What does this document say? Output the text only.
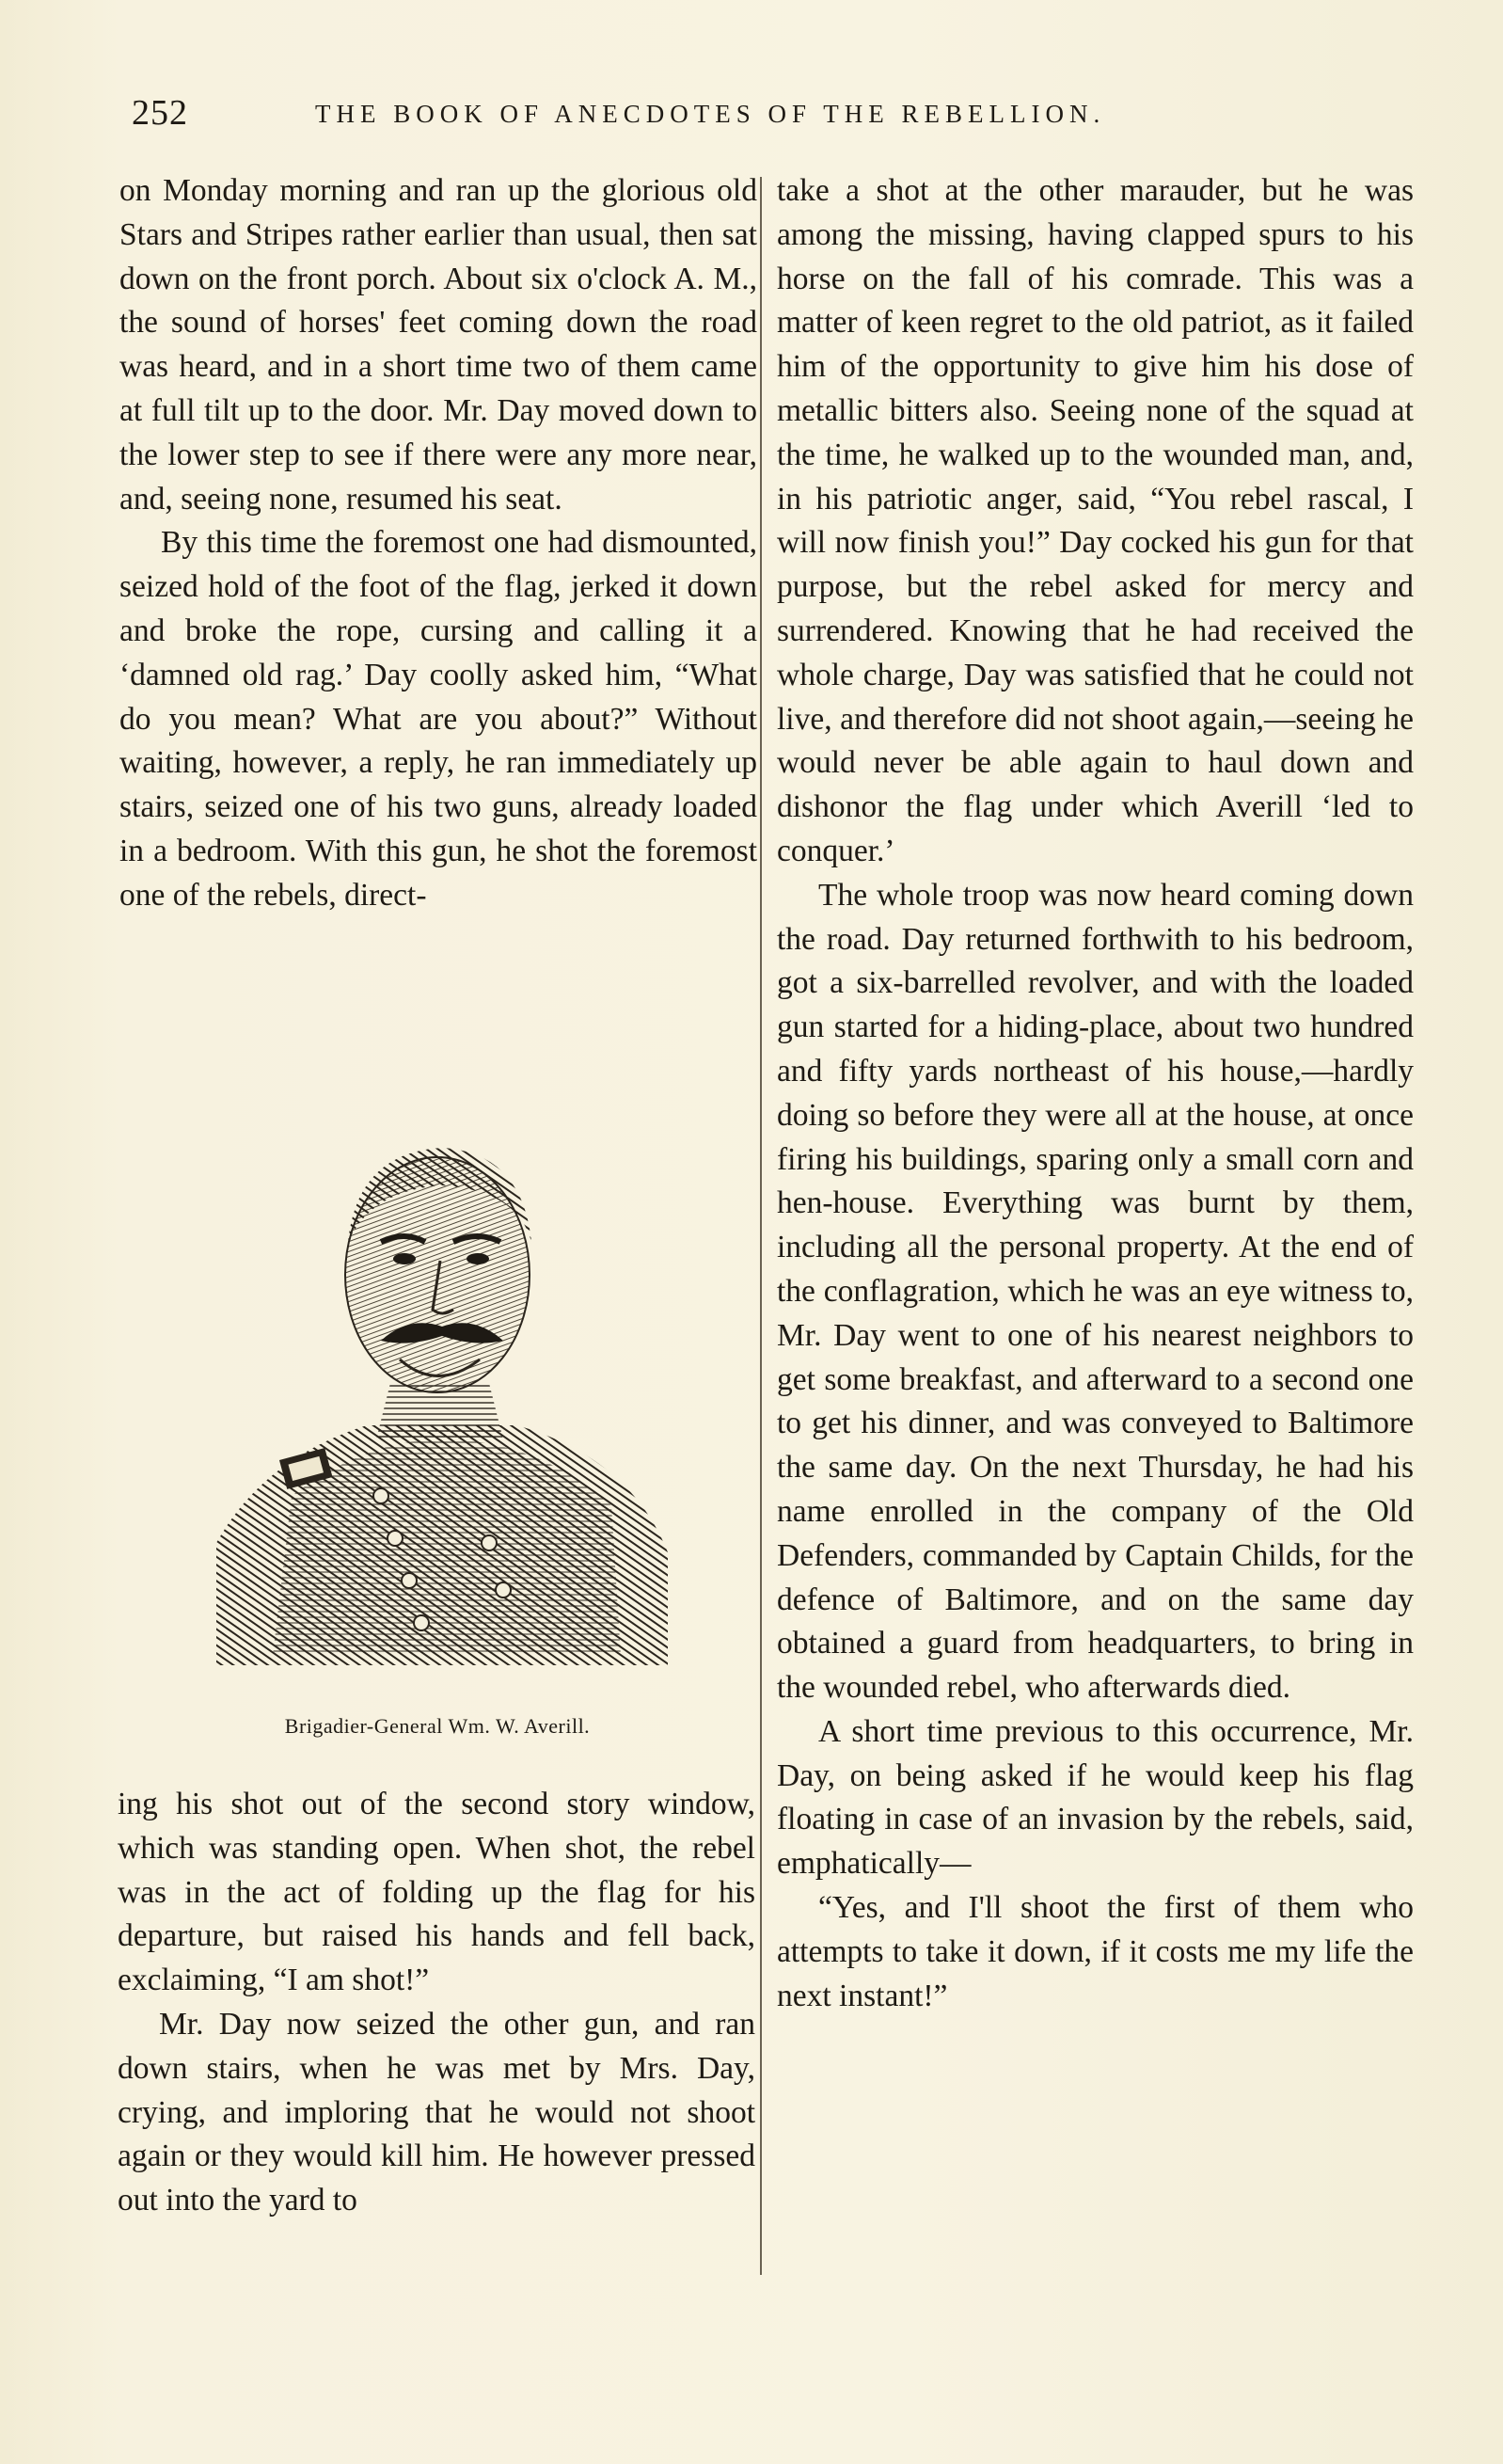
252	THE BOOK OF ANECDOTES OF THE REBELLION.

on Monday morning and ran up the glorious old Stars and Stripes rather earlier than usual, then sat down on the front porch. About six o'clock A. M., the sound of horses' feet coming down the road was heard, and in a short time two of them came at full tilt up to the door. Mr. Day moved down to the lower step to see if there were any more near, and, seeing none, resumed his seat.

By this time the foremost one had dismounted, seized hold of the foot of the flag, jerked it down and broke the rope, cursing and calling it a ‘damned old rag.’ Day coolly asked him, “What do you mean? What are you about?” Without waiting, however, a reply, he ran immediately up stairs, seized one of his two guns, already loaded in a bedroom. With this gun, he shot the foremost one of the rebels, direct-

Brigadier-General Wm. W. Averill.

ing his shot out of the second story window, which was standing open. When shot, the rebel was in the act of folding up the flag for his departure, but raised his hands and fell back, exclaiming, “I am shot!”

Mr. Day now seized the other gun, and ran down stairs, when he was met by Mrs. Day, crying, and imploring that he would not shoot again or they would kill him. He however pressed out into the yard to

take a shot at the other marauder, but he was among the missing, having clapped spurs to his horse on the fall of his comrade. This was a matter of keen regret to the old patriot, as it failed him of the opportunity to give him his dose of metallic bitters also. Seeing none of the squad at the time, he walked up to the wounded man, and, in his patriotic anger, said, “You rebel rascal, I will now finish you!” Day cocked his gun for that purpose, but the rebel asked for mercy and surrendered. Knowing that he had received the whole charge, Day was satisfied that he could not live, and therefore did not shoot again,—seeing he would never be able again to haul down and dishonor the flag under which Averill ‘led to conquer.’

The whole troop was now heard coming down the road. Day returned forthwith to his bedroom, got a six-barrelled revolver, and with the loaded gun started for a hiding-place, about two hundred and fifty yards northeast of his house,—hardly doing so before they were all at the house, at once firing his buildings, sparing only a small corn and hen-house. Everything was burnt by them, including all the personal property. At the end of the conflagration, which he was an eye witness to, Mr. Day went to one of his nearest neighbors to get some breakfast, and afterward to a second one to get his dinner, and was conveyed to Baltimore the same day. On the next Thursday, he had his name enrolled in the company of the Old Defenders, commanded by Captain Childs, for the defence of Baltimore, and on the same day obtained a guard from headquarters, to bring in the wounded rebel, who afterwards died.

A short time previous to this occurrence, Mr. Day, on being asked if he would keep his flag floating in case of an invasion by the rebels, said, emphatically—

“Yes, and I'll shoot the first of them who attempts to take it down, if it costs me my life the next instant!”
